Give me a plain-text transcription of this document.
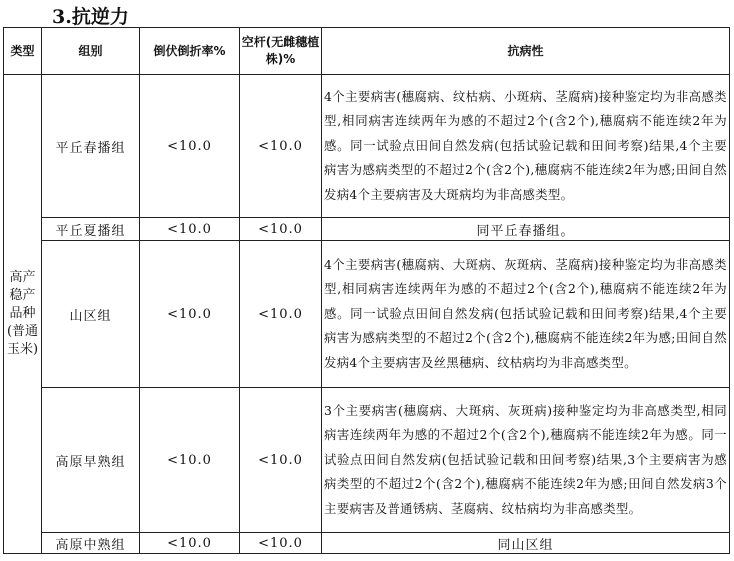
3.抗逆力
类型	组别	倒伏倒折率%	空杆(无雌穗植株)%	抗病性
高产稳产品种(普通玉米)	平丘春播组	<10.0	<10.0	4个主要病害(穗腐病、纹枯病、小斑病、茎腐病)接种鉴定均为非高感类型,相同病害连续两年为感的不超过2个(含2个),穗腐病不能连续2年为感。同一试验点田间自然发病(包括试验记载和田间考察)结果,4个主要病害为感病类型的不超过2个(含2个),穗腐病不能连续2年为感;田间自然发病4个主要病害及大斑病均为非高感类型。
	平丘夏播组	<10.0	<10.0	同平丘春播组。
	山区组	<10.0	<10.0	4个主要病害(穗腐病、大斑病、灰斑病、茎腐病)接种鉴定均为非高感类型,相同病害连续两年为感的不超过2个(含2个),穗腐病不能连续2年为感。同一试验点田间自然发病(包括试验记载和田间考察)结果,4个主要病害为感病类型的不超过2个(含2个),穗腐病不能连续2年为感;田间自然发病4个主要病害及丝黑穗病、纹枯病均为非高感类型。
	高原早熟组	<10.0	<10.0	3个主要病害(穗腐病、大斑病、灰斑病)接种鉴定均为非高感类型,相同病害连续两年为感的不超过2个(含2个),穗腐病不能连续2年为感。同一试验点田间自然发病(包括试验记载和田间考察)结果,3个主要病害为感病类型的不超过2个(含2个),穗腐病不能连续2年为感;田间自然发病3个主要病害及普通锈病、茎腐病、纹枯病均为非高感类型。
	高原中熟组	<10.0	<10.0	同山区组
